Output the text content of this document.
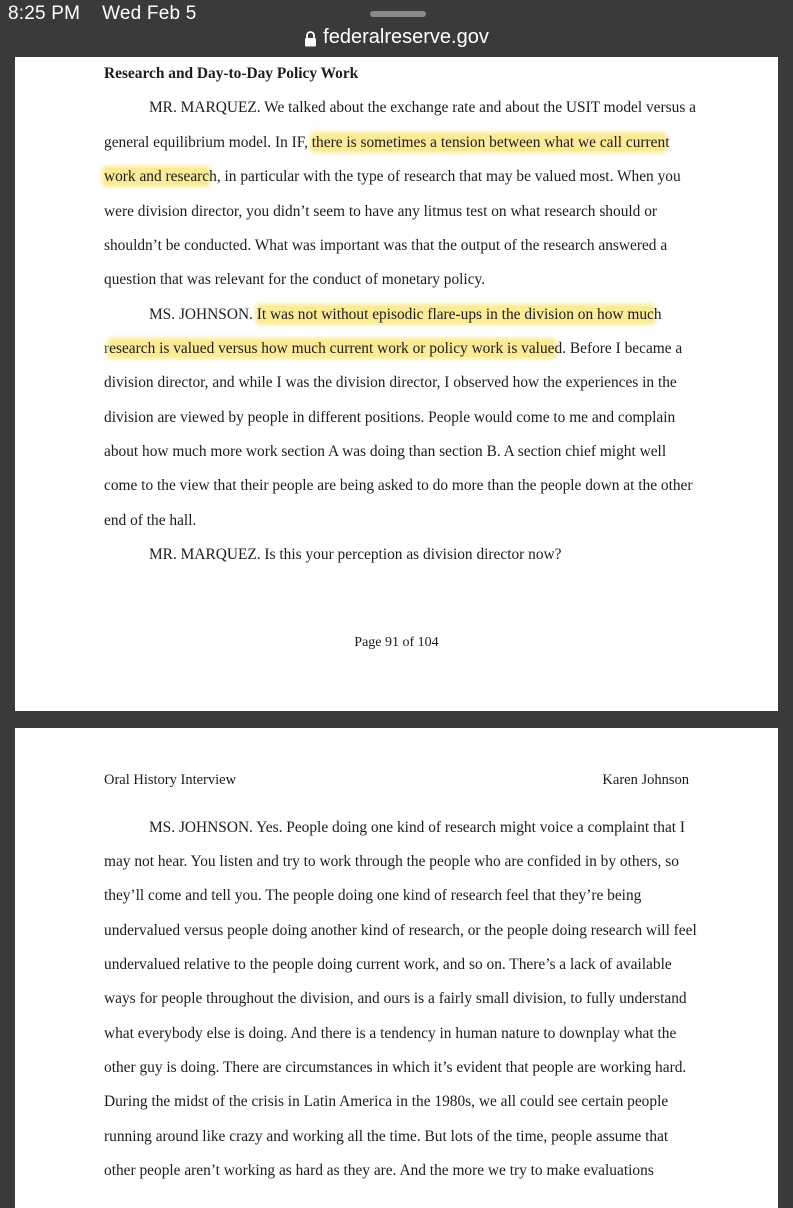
8:25 PM Wed Feb 5
federalreserve.gov
Research and Day-to-Day Policy Work
MR. MARQUEZ. We talked about the exchange rate and about the USIT model versus a
general equilibrium model. In IF, there is sometimes a tension between what we call current
work and research, in particular with the type of research that may be valued most. When you
were division director, you didn’t seem to have any litmus test on what research should or
shouldn’t be conducted. What was important was that the output of the research answered a
question that was relevant for the conduct of monetary policy.
MS. JOHNSON. It was not without episodic flare-ups in the division on how much
research is valued versus how much current work or policy work is valued. Before I became a
division director, and while I was the division director, I observed how the experiences in the
division are viewed by people in different positions. People would come to me and complain
about how much more work section A was doing than section B. A section chief might well
come to the view that their people are being asked to do more than the people down at the other
end of the hall.
MR. MARQUEZ. Is this your perception as division director now?
Page 91 of 104
Oral History Interview	Karen Johnson
MS. JOHNSON. Yes. People doing one kind of research might voice a complaint that I
may not hear. You listen and try to work through the people who are confided in by others, so
they’ll come and tell you. The people doing one kind of research feel that they’re being
undervalued versus people doing another kind of research, or the people doing research will feel
undervalued relative to the people doing current work, and so on. There’s a lack of available
ways for people throughout the division, and ours is a fairly small division, to fully understand
what everybody else is doing. And there is a tendency in human nature to downplay what the
other guy is doing. There are circumstances in which it’s evident that people are working hard.
During the midst of the crisis in Latin America in the 1980s, we all could see certain people
running around like crazy and working all the time. But lots of the time, people assume that
other people aren’t working as hard as they are. And the more we try to make evaluations
